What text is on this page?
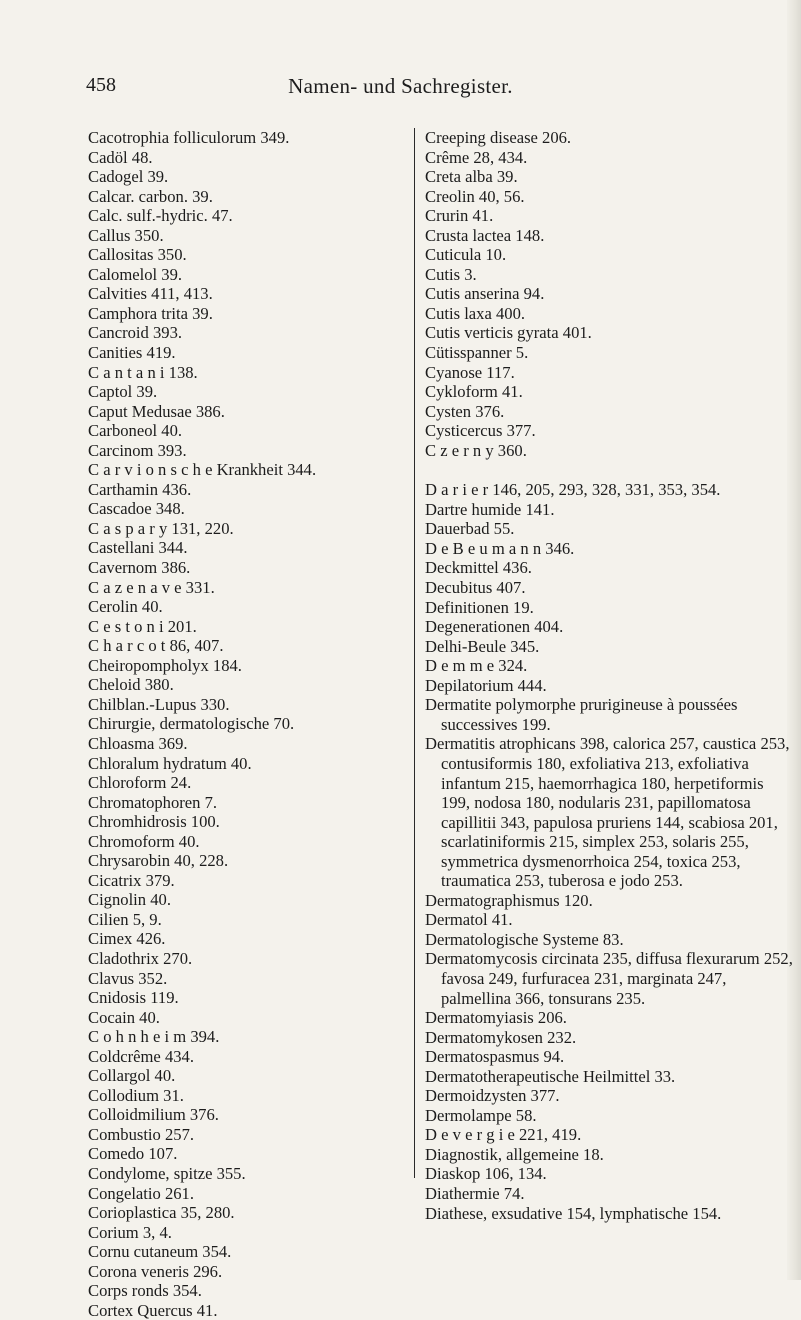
458	Namen- und Sachregister.

Cacotrophia folliculorum 349.

Cadöl 48.

Cadogel 39.

Calcar. carbon. 39.

Calc. sulf.-hydric. 47.

Callus 350.

Callositas 350.

Calomelol 39.

Calvities 411, 413.

Camphora trita 39.

Cancroid 393.

Canities 419.

C a n t a n i 138.

Captol 39.

Caput Medusae 386.

Carboneol 40.

Carcinom 393.

C a r v i o n s c h e Krankheit 344.

Carthamin 436.

Cascadoe 348.

C a s p a r y 131, 220.

Castellani 344.

Cavernom 386.

C a z e n a v e 331.

Cerolin 40.

C e s t o n i 201.

C h a r c o t 86, 407.

Cheiropompholyx 184.

Cheloid 380.

Chilblan.-Lupus 330.

Chirurgie, dermatologische 70.

Chloasma 369.

Chloralum hydratum 40.

Chloroform 24.

Chromatophoren 7.

Chromhidrosis 100.

Chromoform 40.

Chrysarobin 40, 228.

Cicatrix 379.

Cignolin 40.

Cilien 5, 9.

Cimex 426.

Cladothrix 270.

Clavus 352.

Cnidosis 119.

Cocain 40.

C o h n h e i m 394.

Coldcrême 434.

Collargol 40.

Collodium 31.

Colloidmilium 376.

Combustio 257.

Comedo 107.

Condylome, spitze 355.

Congelatio 261.

Corioplastica 35, 280.

Corium 3, 4.

Cornu cutaneum 354.

Corona veneris 296.

Corps ronds 354.

Cortex Quercus 41.

Creeping disease 206.

Crême 28, 434.

Creta alba 39.

Creolin 40, 56.

Crurin 41.

Crusta lactea 148.

Cuticula 10.

Cutis 3.

Cutis anserina 94.

Cutis laxa 400.

Cutis verticis gyrata 401.

Cütisspanner 5.

Cyanose 117.

Cykloform 41.

Cysten 376.

Cysticercus 377.

C z e r n y 360.

D a r i e r 146, 205, 293, 328, 331, 353, 354.

Dartre humide 141.

Dauerbad 55.

D e B e u m a n n 346.

Deckmittel 436.

Decubitus 407.

Definitionen 19.

Degenerationen 404.

Delhi-Beule 345.

D e m m e 324.

Depilatorium 444.

Dermatite polymorphe prurigineuse à poussées successives 199.

Dermatitis atrophicans 398, calorica 257, caustica 253, contusiformis 180, exfoliativa 213, exfoliativa infantum 215, haemorrhagica 180, herpetiformis 199, nodosa 180, nodularis 231, papillomatosa capillitii 343, papulosa pruriens 144, scabiosa 201, scarlatiniformis 215, simplex 253, solaris 255, symmetrica dysmenorrhoica 254, toxica 253, traumatica 253, tuberosa e jodo 253.

Dermatographismus 120.

Dermatol 41.

Dermatologische Systeme 83.

Dermatomycosis circinata 235, diffusa flexurarum 252, favosa 249, furfuracea 231, marginata 247, palmellina 366, tonsurans 235.

Dermatomyiasis 206.

Dermatomykosen 232.

Dermatospasmus 94.

Dermatotherapeutische Heilmittel 33.

Dermoidzysten 377.

Dermolampe 58.

D e v e r g i e 221, 419.

Diagnostik, allgemeine 18.

Diaskop 106, 134.

Diathermie 74.

Diathese, exsudative 154, lymphatische 154.
